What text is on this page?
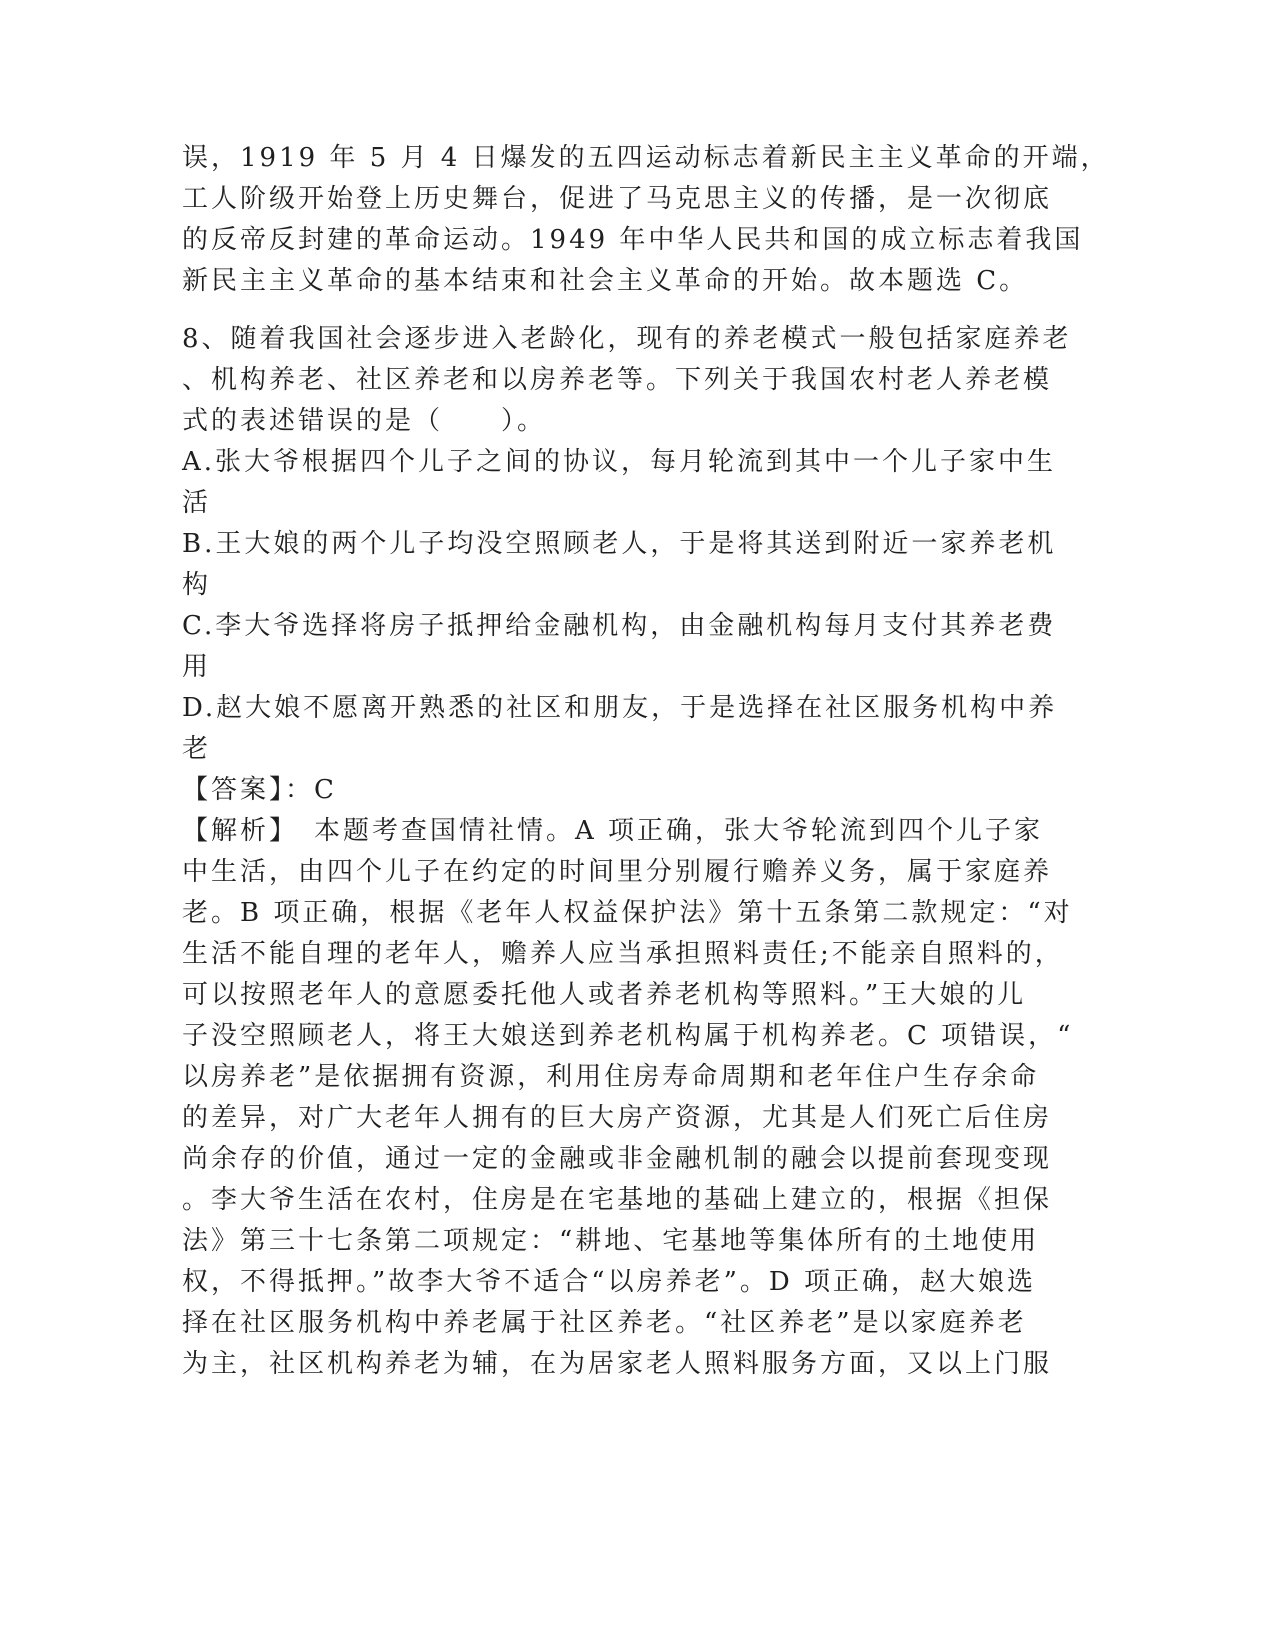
误，1919 年 5 月 4 日爆发的五四运动标志着新民主主义革命的开端，
工人阶级开始登上历史舞台，促进了马克思主义的传播，是一次彻底
的反帝反封建的革命运动。1949 年中华人民共和国的成立标志着我国
新民主主义革命的基本结束和社会主义革命的开始。故本题选 C。
8、随着我国社会逐步进入老龄化，现有的养老模式一般包括家庭养老
、机构养老、社区养老和以房养老等。下列关于我国农村老人养老模
式的表述错误的是（　　）。
A.张大爷根据四个儿子之间的协议，每月轮流到其中一个儿子家中生
活
B.王大娘的两个儿子均没空照顾老人，于是将其送到附近一家养老机
构
C.李大爷选择将房子抵押给金融机构，由金融机构每月支付其养老费
用
D.赵大娘不愿离开熟悉的社区和朋友，于是选择在社区服务机构中养
老
【答案】：C
【解析】　本题考查国情社情。A 项正确，张大爷轮流到四个儿子家
中生活，由四个儿子在约定的时间里分别履行赡养义务，属于家庭养
老。B 项正确，根据《老年人权益保护法》第十五条第二款规定：“对
生活不能自理的老年人，赡养人应当承担照料责任;不能亲自照料的，
可以按照老年人的意愿委托他人或者养老机构等照料。”王大娘的儿
子没空照顾老人，将王大娘送到养老机构属于机构养老。C 项错误，“
以房养老”是依据拥有资源，利用住房寿命周期和老年住户生存余命
的差异，对广大老年人拥有的巨大房产资源，尤其是人们死亡后住房
尚余存的价值，通过一定的金融或非金融机制的融会以提前套现变现
。李大爷生活在农村，住房是在宅基地的基础上建立的，根据《担保
法》第三十七条第二项规定：“耕地、宅基地等集体所有的土地使用
权，不得抵押。”故李大爷不适合“以房养老”。D 项正确，赵大娘选
择在社区服务机构中养老属于社区养老。“社区养老”是以家庭养老
为主，社区机构养老为辅，在为居家老人照料服务方面，又以上门服
